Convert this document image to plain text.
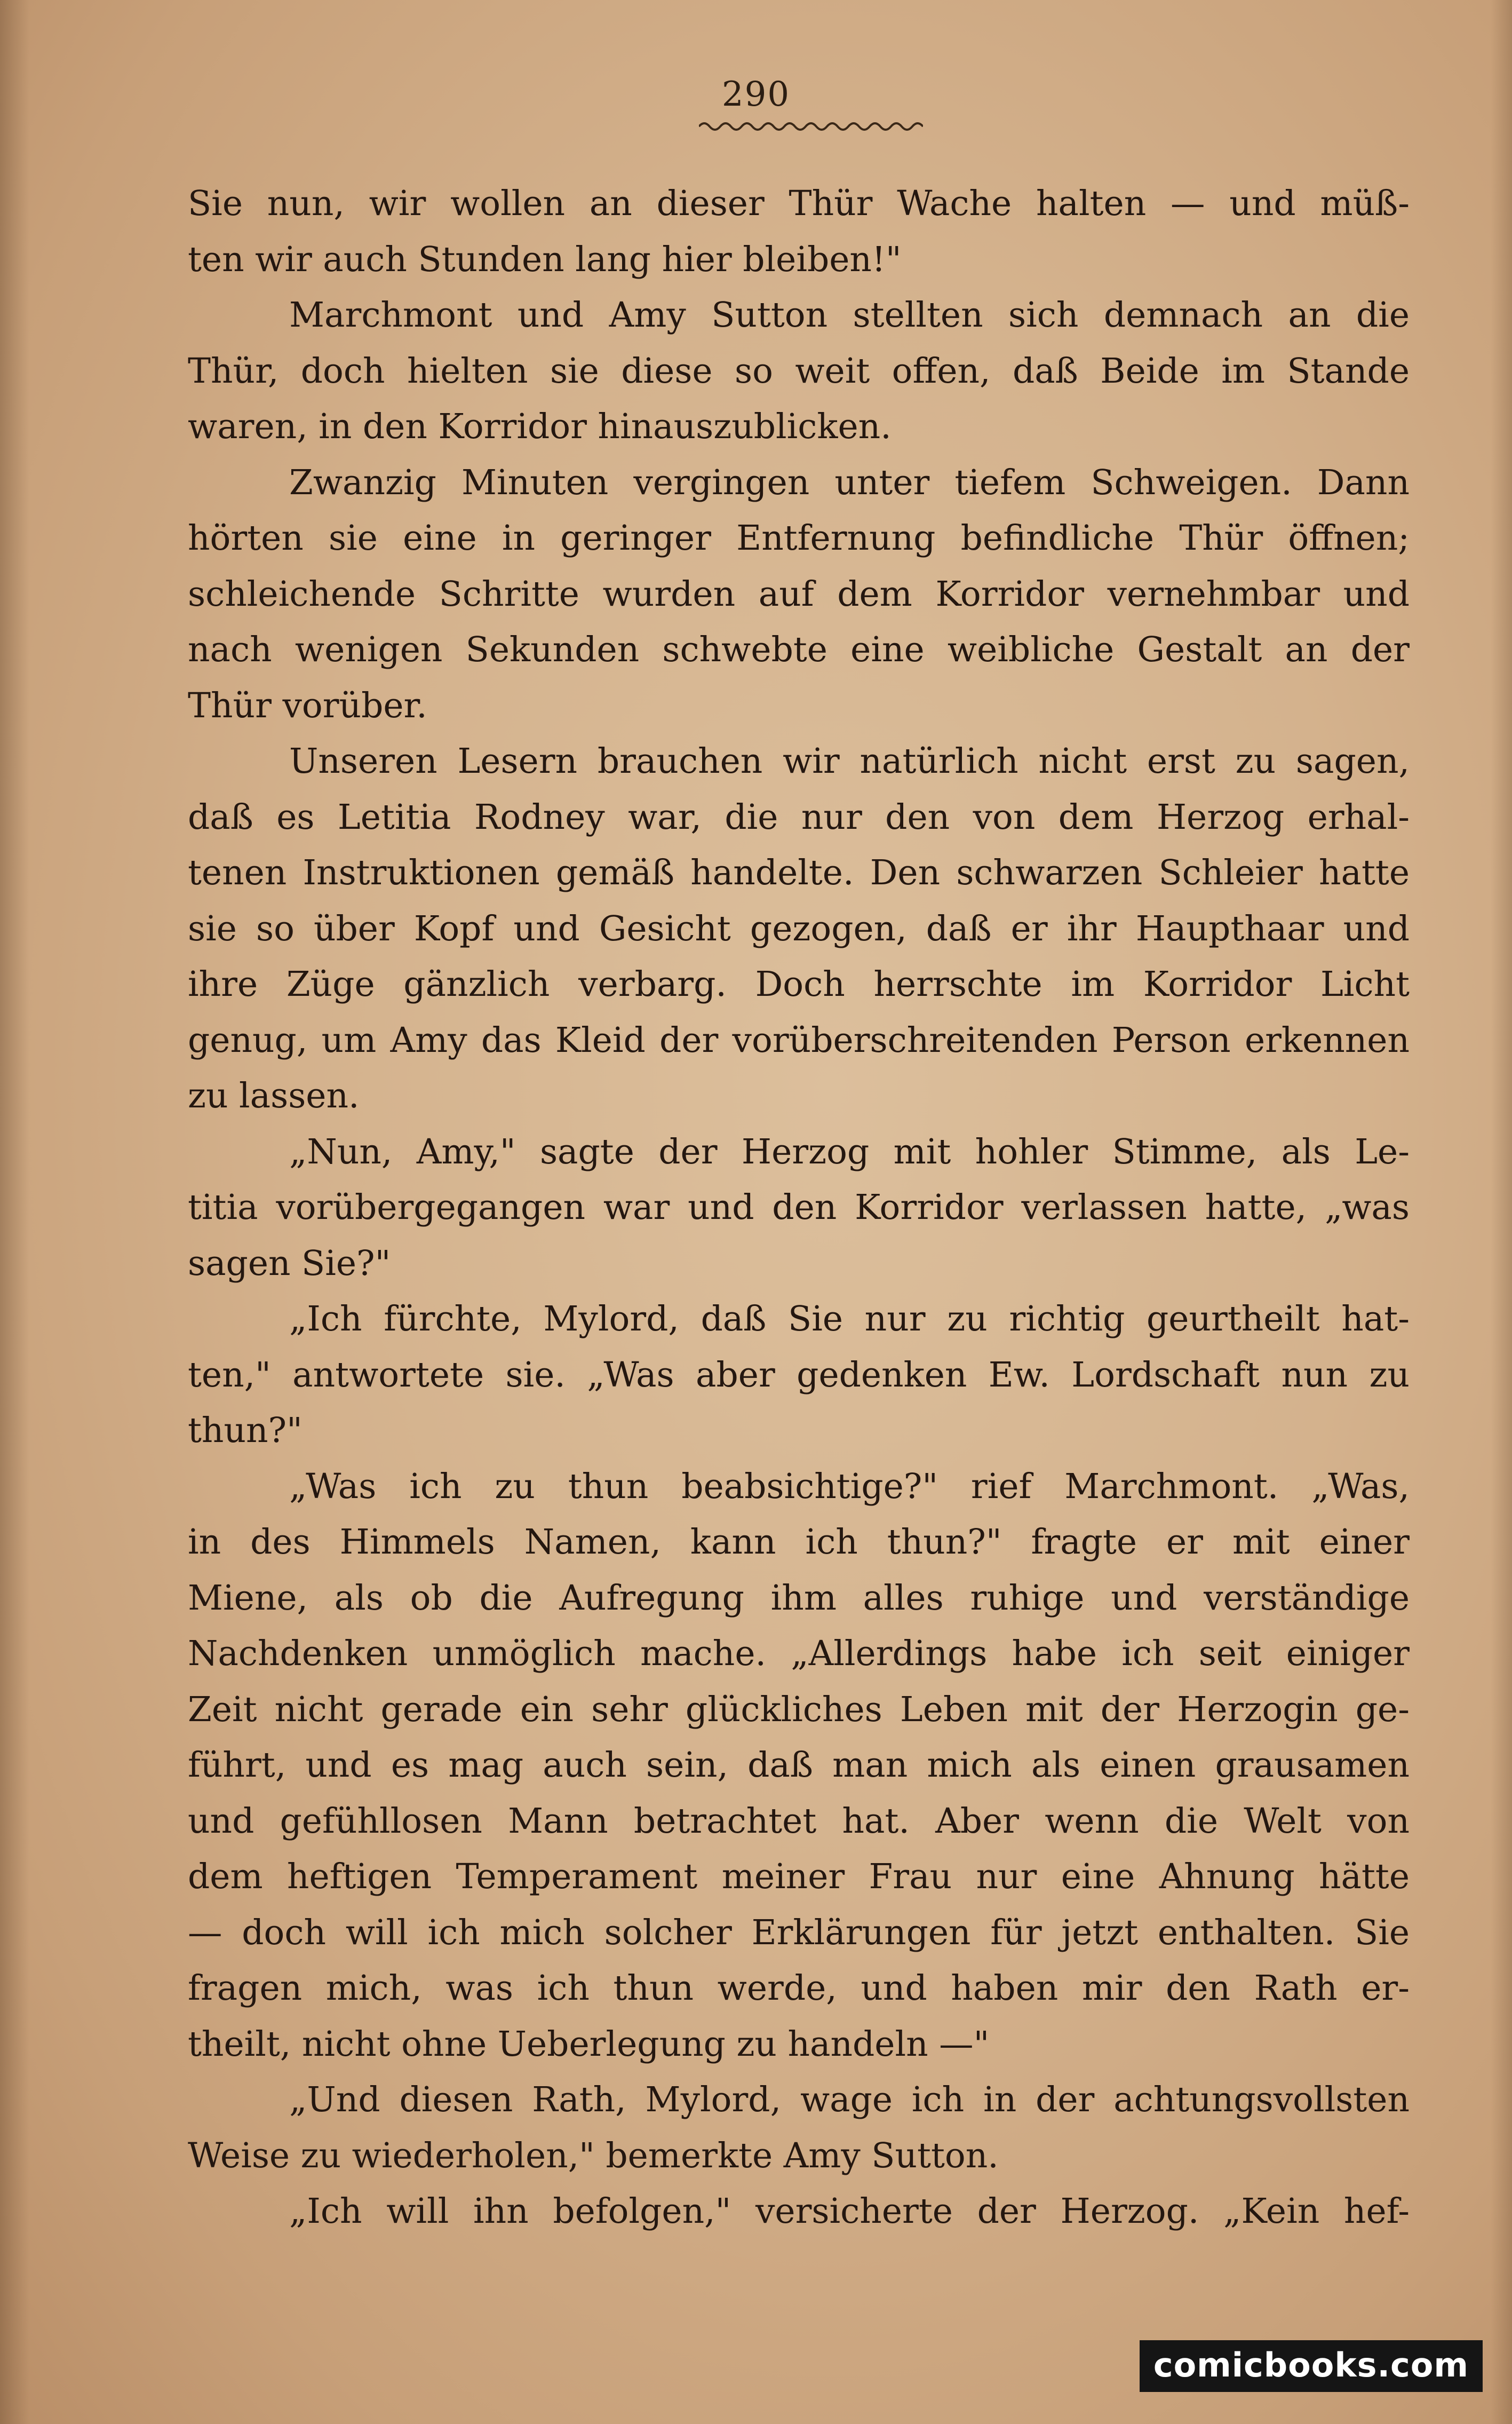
290
Sie nun, wir wollen an dieser Thür Wache halten — und müß-
ten wir auch Stunden lang hier bleiben!"
Marchmont und Amy Sutton stellten sich demnach an die
Thür, doch hielten sie diese so weit offen, daß Beide im Stande
waren, in den Korridor hinauszublicken.
Zwanzig Minuten vergingen unter tiefem Schweigen. Dann
hörten sie eine in geringer Entfernung befindliche Thür öffnen;
schleichende Schritte wurden auf dem Korridor vernehmbar und
nach wenigen Sekunden schwebte eine weibliche Gestalt an der
Thür vorüber.
Unseren Lesern brauchen wir natürlich nicht erst zu sagen,
daß es Letitia Rodney war, die nur den von dem Herzog erhal-
tenen Instruktionen gemäß handelte. Den schwarzen Schleier hatte
sie so über Kopf und Gesicht gezogen, daß er ihr Haupthaar und
ihre Züge gänzlich verbarg. Doch herrschte im Korridor Licht
genug, um Amy das Kleid der vorüberschreitenden Person erkennen
zu lassen.
„Nun, Amy," sagte der Herzog mit hohler Stimme, als Le-
titia vorübergegangen war und den Korridor verlassen hatte, „was
sagen Sie?"
„Ich fürchte, Mylord, daß Sie nur zu richtig geurtheilt hat-
ten," antwortete sie. „Was aber gedenken Ew. Lordschaft nun zu
thun?"
„Was ich zu thun beabsichtige?" rief Marchmont. „Was,
in des Himmels Namen, kann ich thun?" fragte er mit einer
Miene, als ob die Aufregung ihm alles ruhige und verständige
Nachdenken unmöglich mache. „Allerdings habe ich seit einiger
Zeit nicht gerade ein sehr glückliches Leben mit der Herzogin ge-
führt, und es mag auch sein, daß man mich als einen grausamen
und gefühllosen Mann betrachtet hat. Aber wenn die Welt von
dem heftigen Temperament meiner Frau nur eine Ahnung hätte
— doch will ich mich solcher Erklärungen für jetzt enthalten. Sie
fragen mich, was ich thun werde, und haben mir den Rath er-
theilt, nicht ohne Ueberlegung zu handeln —"
„Und diesen Rath, Mylord, wage ich in der achtungsvollsten
Weise zu wiederholen," bemerkte Amy Sutton.
„Ich will ihn befolgen," versicherte der Herzog. „Kein hef-
comicbooks.com
